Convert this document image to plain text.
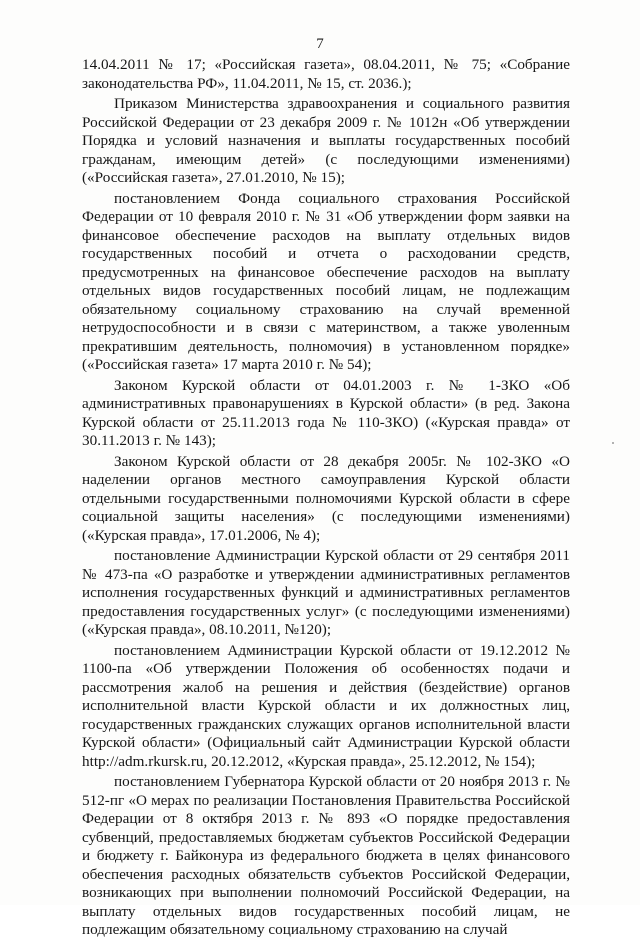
7

14.04.2011 № 17; «Российская газета», 08.04.2011, № 75; «Собрание законодательства РФ», 11.04.2011, № 15, ст. 2036.);

Приказом Министерства здравоохранения и социального развития Российской Федерации от 23 декабря 2009 г. № 1012н «Об утверждении Порядка и условий назначения и выплаты государственных пособий гражданам, имеющим детей» (с последующими изменениями) («Российская газета», 27.01.2010, № 15);

постановлением Фонда социального страхования Российской Федерации от 10 февраля 2010 г. № 31 «Об утверждении форм заявки на финансовое обеспечение расходов на выплату отдельных видов государственных пособий и отчета о расходовании средств, предусмотренных на финансовое обеспечение расходов на выплату отдельных видов государственных пособий лицам, не подлежащим обязательному социальному страхованию на случай временной нетрудоспособности и в связи с материнством, а также уволенным прекратившим деятельность, полномочия) в установленном порядке» («Российская газета» 17 марта 2010 г. № 54);

Законом Курской области от 04.01.2003 г. № 1-ЗКО «Об административных правонарушениях в Курской области» (в ред. Закона Курской области от 25.11.2013 года № 110-ЗКО) («Курская правда» от 30.11.2013 г. № 143);

Законом Курской области от 28 декабря 2005г. № 102-ЗКО «О наделении органов местного самоуправления Курской области отдельными государственными полномочиями Курской области в сфере социальной защиты населения» (с последующими изменениями) («Курская правда», 17.01.2006, № 4);

постановление Администрации Курской области от 29 сентября 2011 № 473-па «О разработке и утверждении административных регламентов исполнения государственных функций и административных регламентов предоставления государственных услуг» (с последующими изменениями) («Курская правда», 08.10.2011, №120);

постановлением Администрации Курской области от 19.12.2012 № 1100-па «Об утверждении Положения об особенностях подачи и рассмотрения жалоб на решения и действия (бездействие) органов исполнительной власти Курской области и их должностных лиц, государственных гражданских служащих органов исполнительной власти Курской области» (Официальный сайт Администрации Курской области http://adm.rkursk.ru, 20.12.2012, «Курская правда», 25.12.2012, № 154);

постановлением Губернатора Курской области от 20 ноября 2013 г. № 512-пг «О мерах по реализации Постановления Правительства Российской Федерации от 8 октября 2013 г. № 893 «О порядке предоставления субвенций, предоставляемых бюджетам субъектов Российской Федерации и бюджету г. Байконура из федерального бюджета в целях финансового обеспечения расходных обязательств субъектов Российской Федерации, возникающих при выполнении полномочий Российской Федерации, на выплату отдельных видов государственных пособий лицам, не подлежащим обязательному социальному страхованию на случай
